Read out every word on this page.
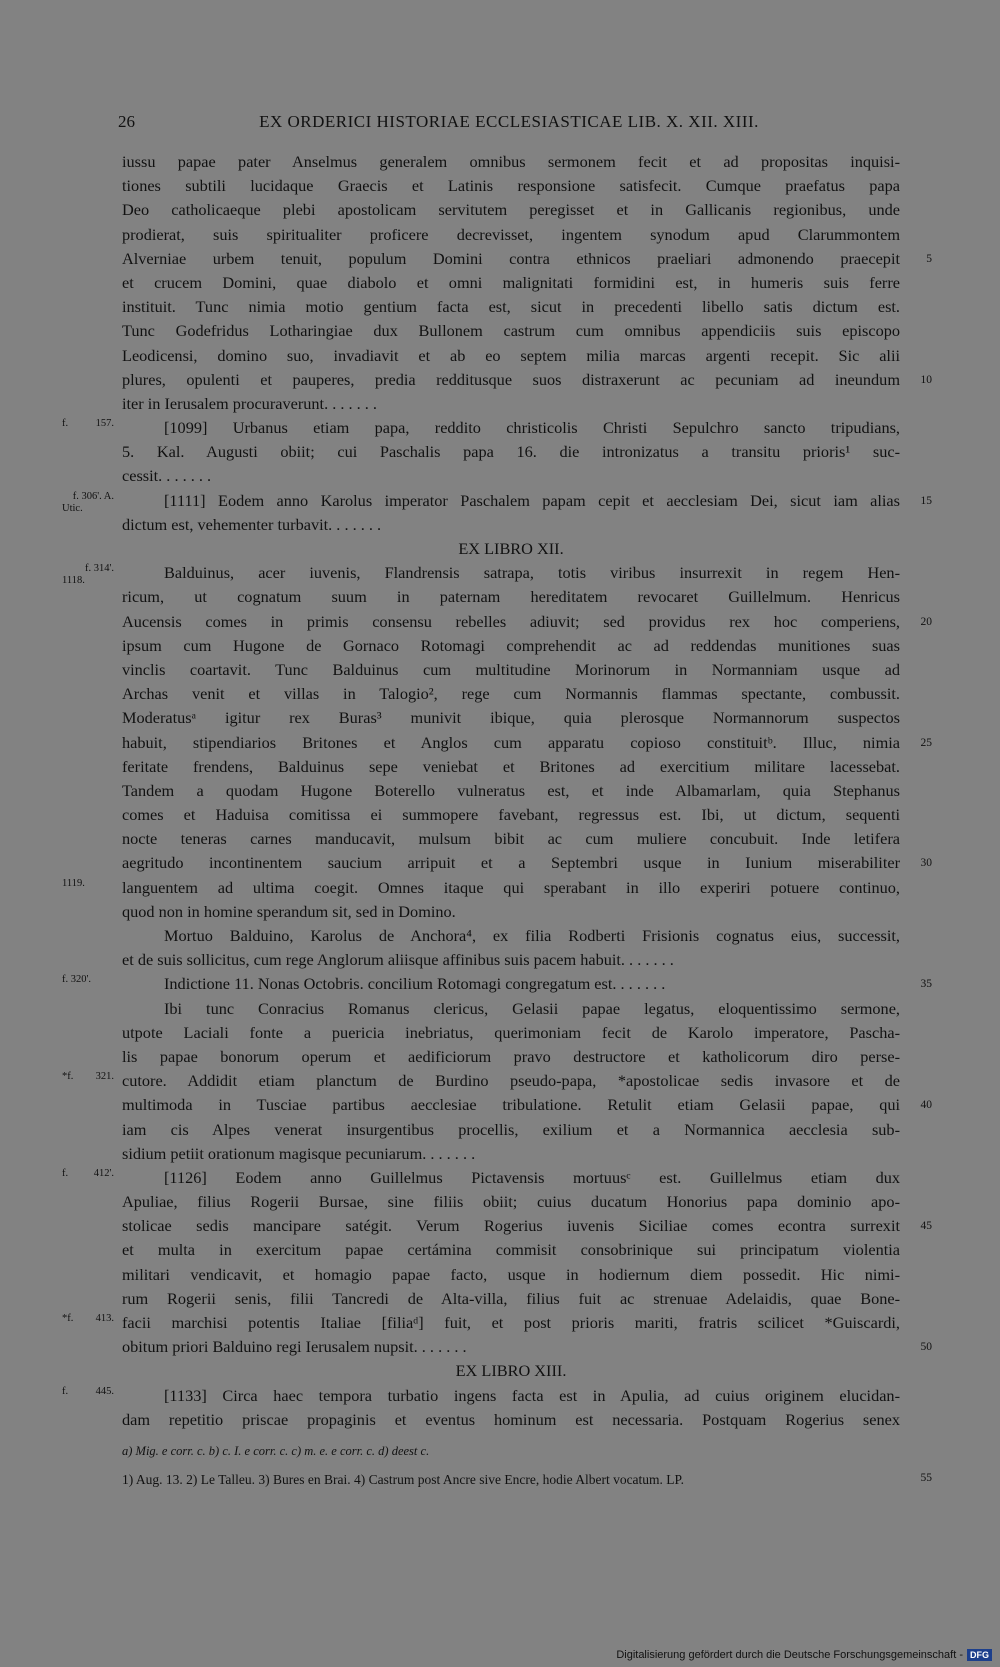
26	EX ORDERICI HISTORIAE ECCLESIASTICAE LIB. X. XII. XIII.
iussu papae pater Anselmus generalem omnibus sermonem fecit et ad propositas inquisi-
tiones subtili lucidaque Graecis et Latinis responsione satisfecit. Cumque praefatus papa
Deo catholicaeque plebi apostolicam servitutem peregisset et in Gallicanis regionibus, unde
prodierat, suis spiritualiter proficere decrevisset, ingentem synodum apud Clarummontem
Alverniae urbem tenuit, populum Domini contra ethnicos praeliari admonendo praecepit 5
et crucem Domini, quae diabolo et omni malignitati formidini est, in humeris suis ferre
instituit. Tunc nimia motio gentium facta est, sicut in precedenti libello satis dictum est.
Tunc Godefridus Lotharingiae dux Bullonem castrum cum omnibus appendiciis suis episcopo
Leodicensi, domino suo, invadiavit et ab eo septem milia marcas argenti recepit. Sic alii
plures, opulenti et pauperes, predia redditusque suos distraxerunt ac pecuniam ad ineundum 10
iter in Ierusalem procuraverunt. . . . . . .
[1099] Urbanus etiam papa, reddito christicolis Christi Sepulchro sancto tripudians,
f. 157.
5. Kal. Augusti obiit; cui Paschalis papa 16. die intronizatus a transitu prioris¹ suc-
cessit. . . . . . .
[1111] Eodem anno Karolus imperator Paschalem papam cepit et aecclesiam Dei, sicut iam alias
f. 306'. A. Utic.
15
dictum est, vehementer turbavit. . . . . . .
EX LIBRO XII.
Balduinus, acer iuvenis, Flandrensis satrapa, totis viribus insurrexit in regem Hen-
f. 314'. 1118.
ricum, ut cognatum suum in paternam hereditatem revocaret Guillelmum. Henricus
Aucensis comes in primis consensu rebelles adiuvit; sed providus rex hoc comperiens, 20
ipsum cum Hugone de Gornaco Rotomagi comprehendit ac ad reddendas munitiones suas
vinclis coartavit. Tunc Balduinus cum multitudine Morinorum in Normanniam usque ad
Archas venit et villas in Talogio², rege cum Normannis flammas spectante, combussit.
Moderatusᵃ igitur rex Buras³ munivit ibique, quia plerosque Normannorum suspectos
habuit, stipendiarios Britones et Anglos cum apparatu copioso constituitᵇ. Illuc, nimia 25
feritate frendens, Balduinus sepe veniebat et Britones ad exercitium militare lacessebat.
Tandem a quodam Hugone Boterello vulneratus est, et inde Albamarlam, quia Stephanus
comes et Haduisa comitissa ei summopere favebant, regressus est. Ibi, ut dictum, sequenti
nocte teneras carnes manducavit, mulsum bibit ac cum muliere concubuit. Inde letifera
aegritudo incontinentem saucium arripuit et a Septembri usque in Iunium miserabiliter 30
languentem ad ultima coegit. Omnes itaque qui sperabant in illo experiri potuere continuo,
1119.
quod non in homine sperandum sit, sed in Domino.
Mortuo Balduino, Karolus de Anchora⁴, ex filia Rodberti Frisionis cognatus eius, successit,
et de suis sollicitus, cum rege Anglorum aliisque affinibus suis pacem habuit. . . . . . .
Indictione 11. Nonas Octobris. concilium Rotomagi congregatum est. . . . . . .
f. 320'.	35
Ibi tunc Conracius Romanus clericus, Gelasii papae legatus, eloquentissimo sermone,
utpote Laciali fonte a puericia inebriatus, querimoniam fecit de Karolo imperatore, Pascha-
lis papae bonorum operum et aedificiorum pravo destructore et katholicorum diro perse-
cutore. Addidit etiam planctum de Burdino pseudo-papa, *apostolicae sedis invasore et de
*f. 321.
multimoda in Tusciae partibus aecclesiae tribulatione. Retulit etiam Gelasii papae, qui 40
iam cis Alpes venerat insurgentibus procellis, exilium et a Normannica aecclesia sub-
sidium petiit orationum magisque pecuniarum. . . . . . .
[1126] Eodem anno Guillelmus Pictavensis mortuusᶜ est. Guillelmus etiam dux
f. 412'.
Apuliae, filius Rogerii Bursae, sine filiis obiit; cuius ducatum Honorius papa dominio apo-
stolicae sedis mancipare satégit. Verum Rogerius iuvenis Siciliae comes econtra surrexit 45
et multa in exercitum papae certámina commisit consobrinique sui principatum violentia
militari vendicavit, et homagio papae facto, usque in hodiernum diem possedit. Hic nimi-
rum Rogerii senis, filii Tancredi de Alta-villa, filius fuit ac strenuae Adelaidis, quae Bone-
facii marchisi potentis Italiae [filiaᵈ] fuit, et post prioris mariti, fratris scilicet *Guiscardi,
*f. 413.
obitum priori Balduino regi Ierusalem nupsit. . . . . . .	50
EX LIBRO XIII.
[1133] Circa haec tempora turbatio ingens facta est in Apulia, ad cuius originem elucidan-
f. 445.
dam repetitio priscae propaginis et eventus hominum est necessaria. Postquam Rogerius senex
a) Mig. e corr. c. b) c. I. e corr. c. c) m. e. e corr. c. d) deest c.
1) Aug. 13. 2) Le Talleu. 3) Bures en Brai. 4) Castrum post Ancre sive Encre, hodie Albert vocatum. LP.	55
Digitalisierung gefördert durch die Deutsche Forschungsgemeinschaft - DFG
